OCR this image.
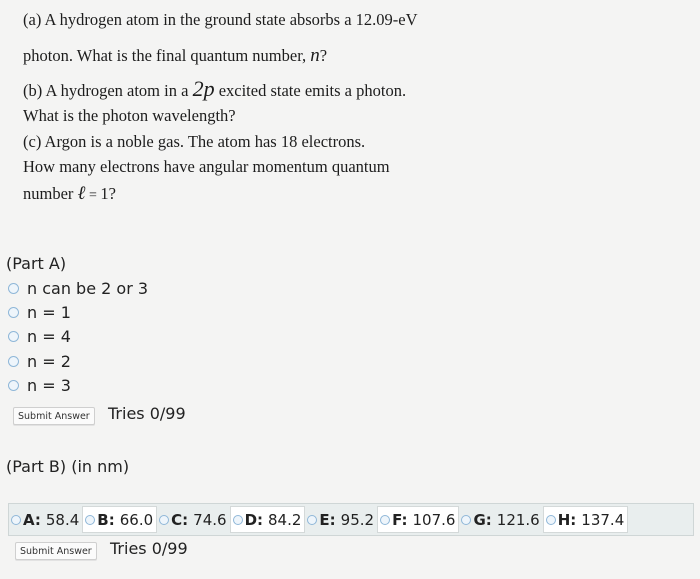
(a) A hydrogen atom in the ground state absorbs a 12.09-eV
photon. What is the final quantum number, n?
(b) A hydrogen atom in a 2p excited state emits a photon.
What is the photon wavelength?
(c) Argon is a noble gas. The atom has 18 electrons.
How many electrons have angular momentum quantum
number ℓ = 1?
(Part A)
n can be 2 or 3
n = 1
n = 4
n = 2
n = 3
Submit Answer	Tries 0/99
(Part B) (in nm)
A: 58.4 B: 66.0 C: 74.6 D: 84.2 E: 95.2 F: 107.6 G: 121.6 H: 137.4
Submit Answer	Tries 0/99
